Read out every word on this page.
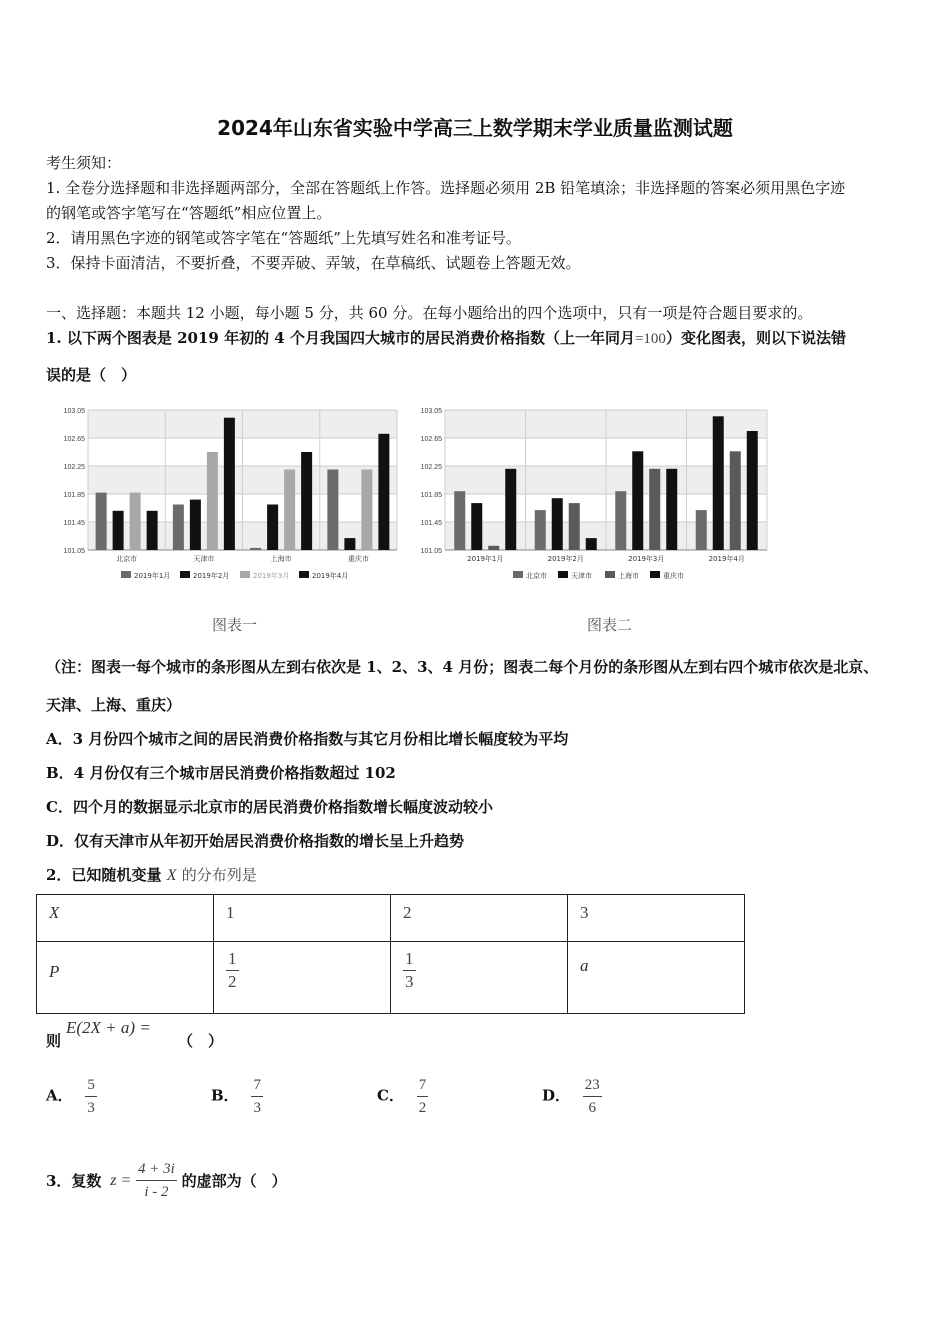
2024年山东省实验中学高三上数学期末学业质量监测试题
考生须知：
1. 全卷分选择题和非选择题两部分，全部在答题纸上作答。选择题必须用 2B 铅笔填涂；非选择题的答案必须用黑色字迹
的钢笔或答字笔写在“答题纸”相应位置上。
2．请用黑色字迹的钢笔或答字笔在“答题纸”上先填写姓名和准考证号。
3．保持卡面清洁，不要折叠，不要弄破、弄皱，在草稿纸、试题卷上答题无效。
一、选择题：本题共 12 小题，每小题 5 分，共 60 分。在每小题给出的四个选项中，只有一项是符合题目要求的。
1. 以下两个图表是 2019 年初的 4 个月我国四大城市的居民消费价格指数（上一年同月=100）变化图表，则以下说法错
误的是（　）
103.05
102.65
102.25
101.85
101.45
101.05
北京市	天津市	上海市	重庆市
2019年1月	2019年2月	2019年3月	2019年4月
103.05
102.65
102.25
101.85
101.45
101.05
2019年1月	2019年2月	2019年3月	2019年4月
北京市	天津市	上海市	重庆市
图表一	图表二
（注：图表一每个城市的条形图从左到右依次是 1、2、3、4 月份；图表二每个月份的条形图从左到右四个城市依次是北京、
天津、上海、重庆）
A．3 月份四个城市之间的居民消费价格指数与其它月份相比增长幅度较为平均
B．4 月份仅有三个城市居民消费价格指数超过 102
C．四个月的数据显示北京市的居民消费价格指数增长幅度波动较小
D．仅有天津市从年初开始居民消费价格指数的增长呈上升趋势
2．已知随机变量 X 的分布列是
X	1	2	3
P	$\frac{1}{2}$	$\frac{1}{3}$	a
则
E(2X + a) =
（　）
A． $\frac{5}{3}$	B． $\frac{7}{3}$	C． $\frac{7}{2}$	D． $\frac{23}{6}$
3．复数 $z = \frac{4 + 3i}{i - 2}$ 的虚部为（　）
